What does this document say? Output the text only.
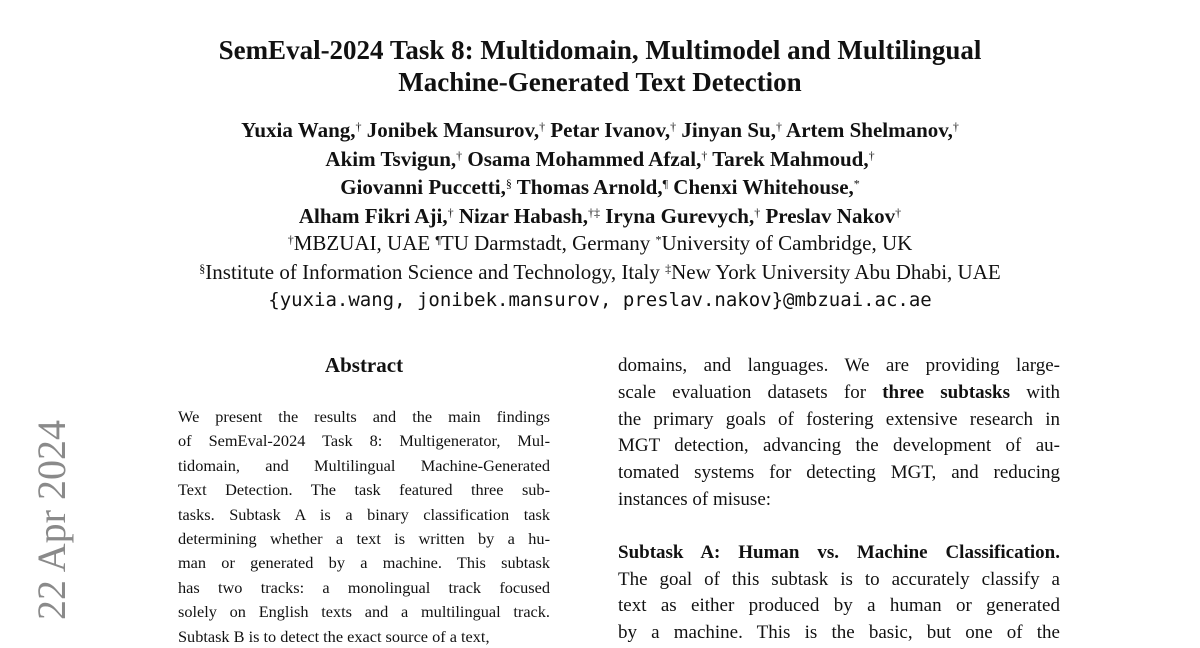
SemEval-2024 Task 8: Multidomain, Multimodel and Multilingual
Machine-Generated Text Detection
Yuxia Wang,† Jonibek Mansurov,† Petar Ivanov,† Jinyan Su,† Artem Shelmanov,†
Akim Tsvigun,† Osama Mohammed Afzal,† Tarek Mahmoud,†
Giovanni Puccetti,§ Thomas Arnold,¶ Chenxi Whitehouse,*
Alham Fikri Aji,† Nizar Habash,†‡ Iryna Gurevych,† Preslav Nakov†
†MBZUAI, UAE ¶TU Darmstadt, Germany *University of Cambridge, UK
§Institute of Information Science and Technology, Italy ‡New York University Abu Dhabi, UAE
{yuxia.wang, jonibek.mansurov, preslav.nakov}@mbzuai.ac.ae
22 Apr 2024
Abstract
We present the results and the main findings
of SemEval-2024 Task 8: Multigenerator, Mul-
tidomain, and Multilingual Machine-Generated
Text Detection. The task featured three sub-
tasks. Subtask A is a binary classification task
determining whether a text is written by a hu-
man or generated by a machine. This subtask
has two tracks: a monolingual track focused
solely on English texts and a multilingual track.
Subtask B is to detect the exact source of a text,

domains, and languages. We are providing large-
scale evaluation datasets for three subtasks with
the primary goals of fostering extensive research in
MGT detection, advancing the development of au-
tomated systems for detecting MGT, and reducing
instances of misuse:

Subtask A: Human vs. Machine Classification.
The goal of this subtask is to accurately classify a
text as either produced by a human or generated
by a machine. This is the basic, but one of the
